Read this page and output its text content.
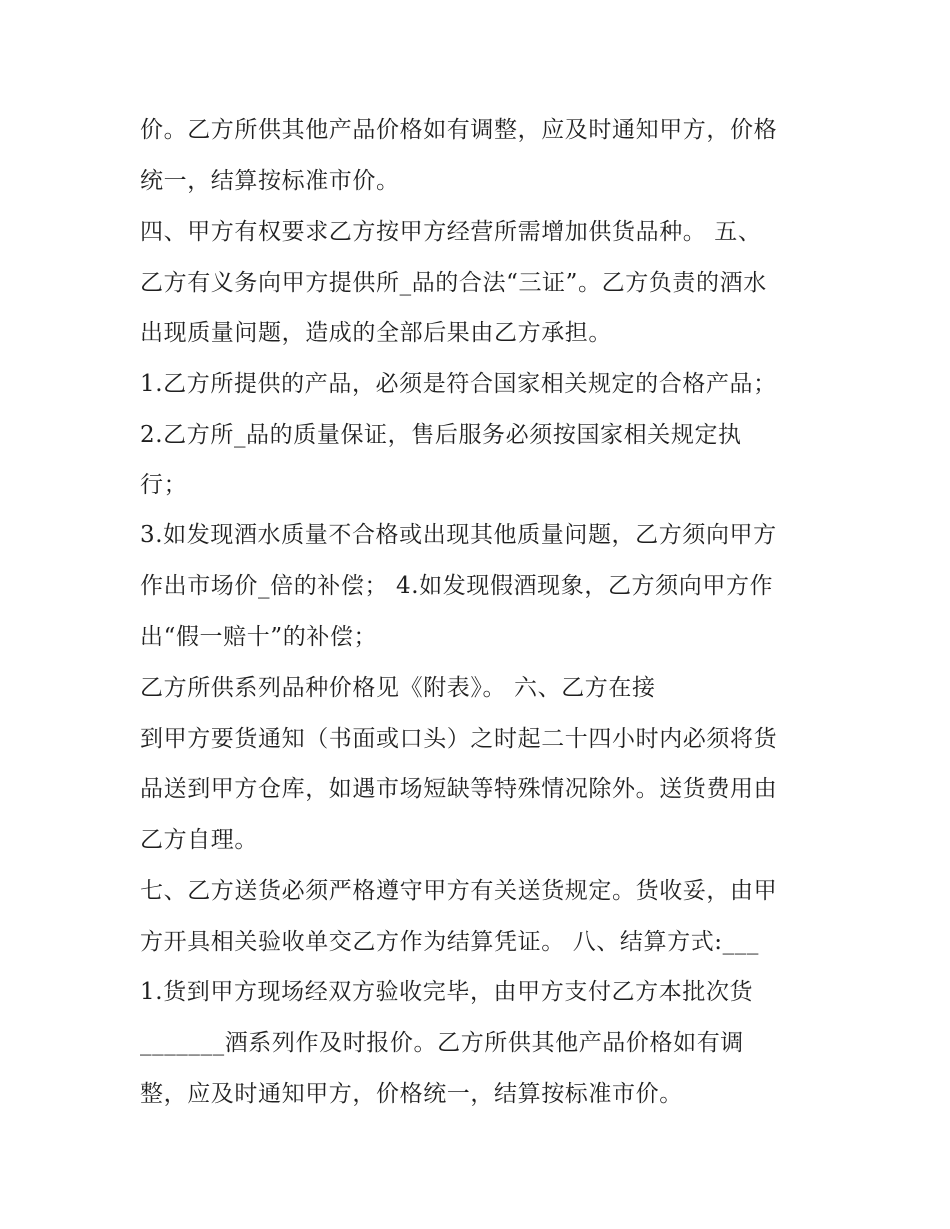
价。乙方所供其他产品价格如有调整，应及时通知甲方，价格
统一，结算按标准市价。
四、甲方有权要求乙方按甲方经营所需增加供货品种。 五、
乙方有义务向甲方提供所_品的合法“三证”。乙方负责的酒水
出现质量问题，造成的全部后果由乙方承担。
1.乙方所提供的产品，必须是符合国家相关规定的合格产品；
2.乙方所_品的质量保证，售后服务必须按国家相关规定执
行；
3.如发现酒水质量不合格或出现其他质量问题，乙方须向甲方
作出市场价_倍的补偿； 4.如发现假酒现象，乙方须向甲方作
出“假一赔十”的补偿；
乙方所供系列品种价格见《附表》。 六、乙方在接
到甲方要货通知（书面或口头）之时起二十四小时内必须将货
品送到甲方仓库，如遇市场短缺等特殊情况除外。送货费用由
乙方自理。
七、乙方送货必须严格遵守甲方有关送货规定。货收妥，由甲
方开具相关验收单交乙方作为结算凭证。 八、结算方式:___
1.货到甲方现场经双方验收完毕，由甲方支付乙方本批次货
_______酒系列作及时报价。乙方所供其他产品价格如有调
整，应及时通知甲方，价格统一，结算按标准市价。
